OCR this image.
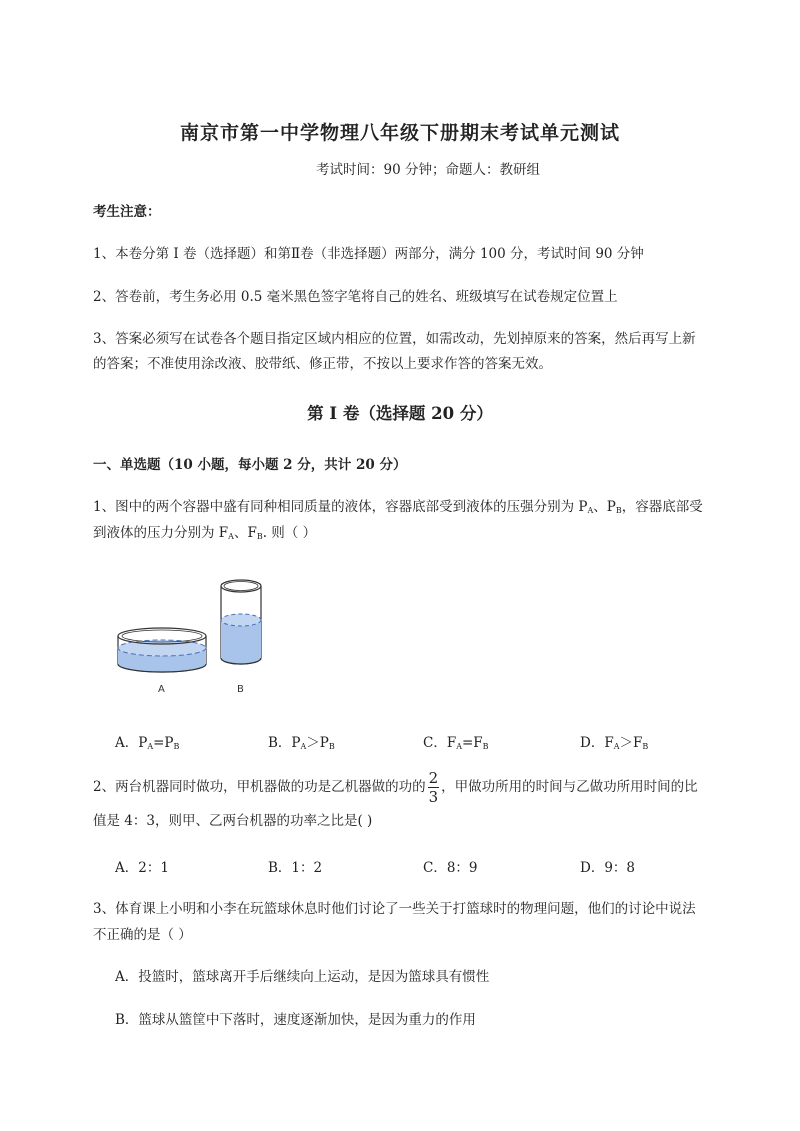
南京市第一中学物理八年级下册期末考试单元测试
考试时间：90 分钟；命题人：教研组
考生注意：
1、本卷分第 I 卷（选择题）和第Ⅱ卷（非选择题）两部分，满分 100 分，考试时间 90 分钟
2、答卷前，考生务必用 0.5 毫米黑色签字笔将自己的姓名、班级填写在试卷规定位置上
3、答案必须写在试卷各个题目指定区域内相应的位置，如需改动，先划掉原来的答案，然后再写上新
的答案；不准使用涂改液、胶带纸、修正带，不按以上要求作答的答案无效。
第 I 卷（选择题 20 分）
一、单选题（10 小题，每小题 2 分，共计 20 分）
1、图中的两个容器中盛有同种相同质量的液体，容器底部受到液体的压强分别为 $P_A$、$P_B$，容器底部受
到液体的压力分别为 $F_A$、$F_B$. 则（ ）
A	B
A．$P_A=P_B$	B．$P_A>P_B$	C．$F_A=F_B$	D．$F_A>F_B$
2、两台机器同时做功，甲机器做的功是乙机器做的功的 $\frac{2}{3}$ ，甲做功所用的时间与乙做功所用时间的比
值是 4：3，则甲、乙两台机器的功率之比是( )
A．2：1	B．1：2	C．8：9	D．9：8
3、体育课上小明和小李在玩篮球休息时他们讨论了一些关于打篮球时的物理问题，他们的讨论中说法
不正确的是（ ）
A．投篮时，篮球离开手后继续向上运动，是因为篮球具有惯性
B．篮球从篮筐中下落时，速度逐渐加快，是因为重力的作用
